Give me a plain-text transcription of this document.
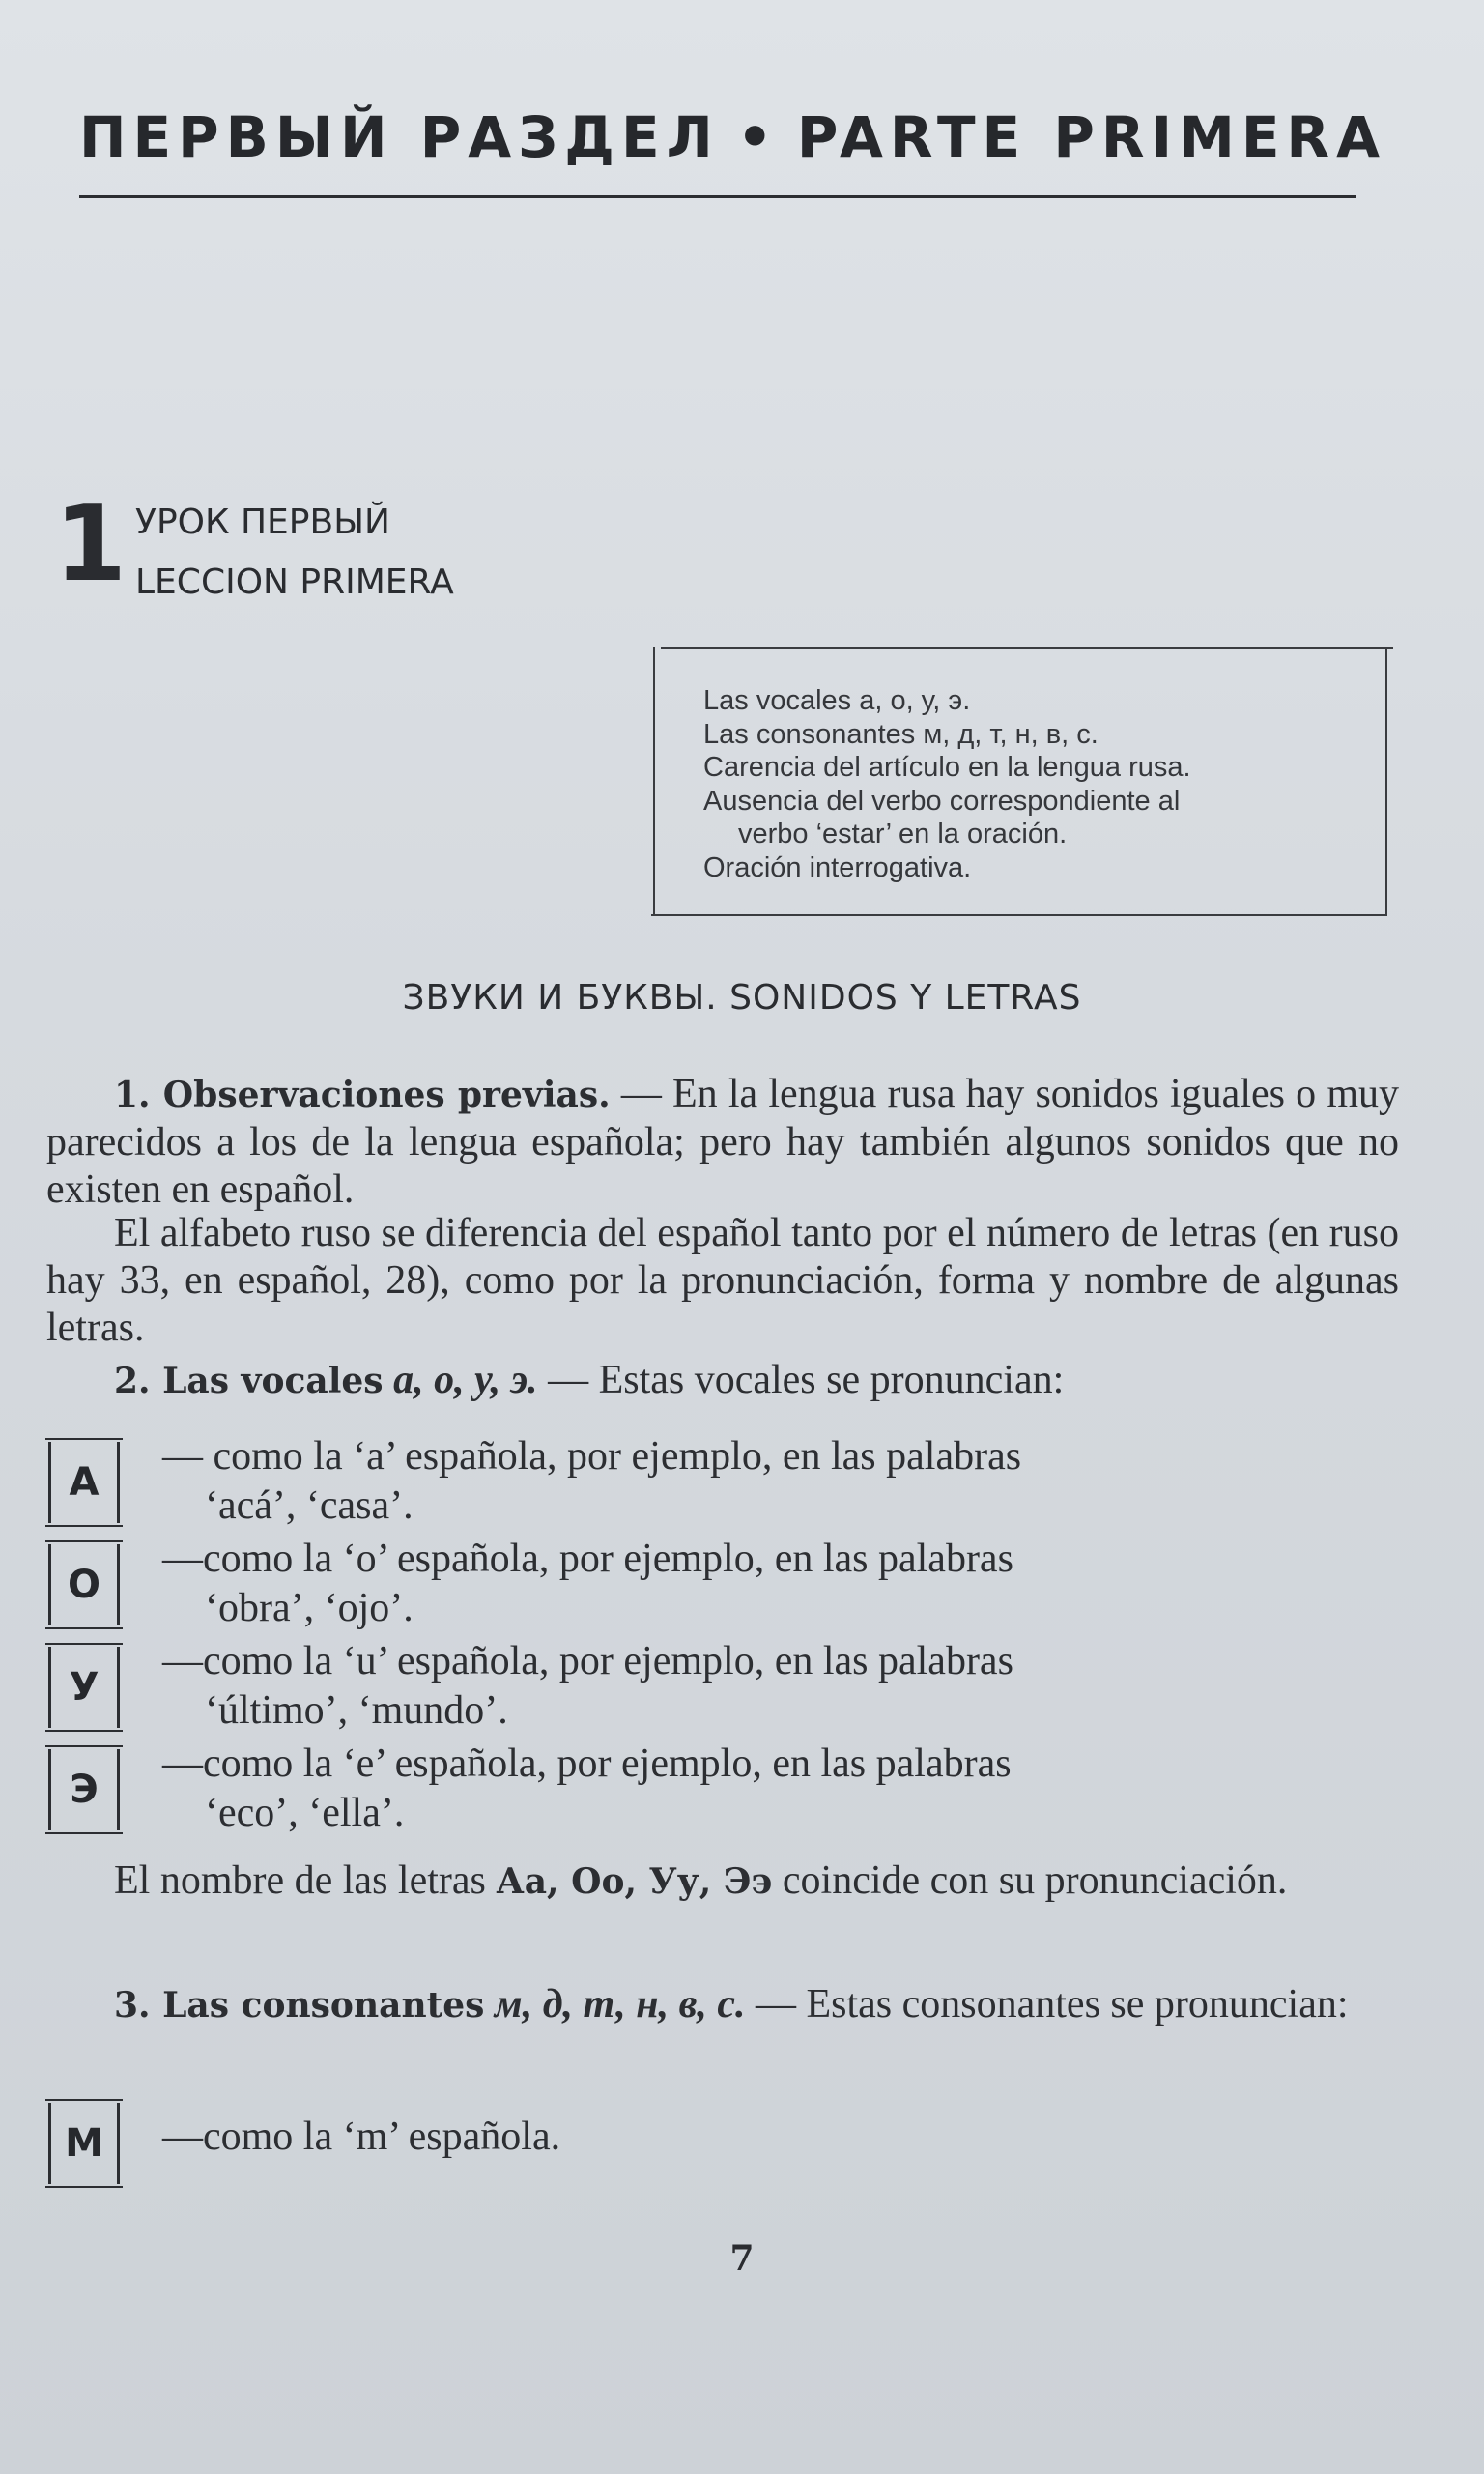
ПЕРВЫЙ РАЗДЕЛ • PARTE PRIMERA
1 УРОК ПЕРВЫЙ
LECCION PRIMERA
Las vocales а, о, у, э.
Las consonantes м, д, т, н, в, с.
Carencia del artículo en la lengua rusa.
Ausencia del verbo correspondiente al
verbo ‘estar’ en la oración.
Oración interrogativa.
ЗВУКИ И БУКВЫ. SONIDOS Y LETRAS

1. Observaciones previas. — En la lengua rusa hay sonidos iguales o muy parecidos a los de la lengua española; pero hay también algunos sonidos que no existen en español.

El alfabeto ruso se diferencia del español tanto por el número de letras (en ruso hay 33, en español, 28), como por la pronunciación, forma y nombre de algunas letras.

2. Las vocales а, о, у, э. — Estas vocales se pronuncian:

А
— como la ‘a’ española, por ejemplo, en las palabras
‘acá’, ‘casa’.
О
—como la ‘o’ española, por ejemplo, en las palabras
‘obra’, ‘ojo’.
У
—como la ‘u’ española, por ejemplo, en las palabras
‘último’, ‘mundo’.
Э
—como la ‘e’ española, por ejemplo, en las palabras
‘eco’, ‘ella’.

El nombre de las letras Аа, Оо, Уу, Ээ coincide con su pronunciación.

3. Las consonantes м, д, т, н, в, с. — Estas consonantes se pronuncian:

М	—como la ‘m’ española.
7
